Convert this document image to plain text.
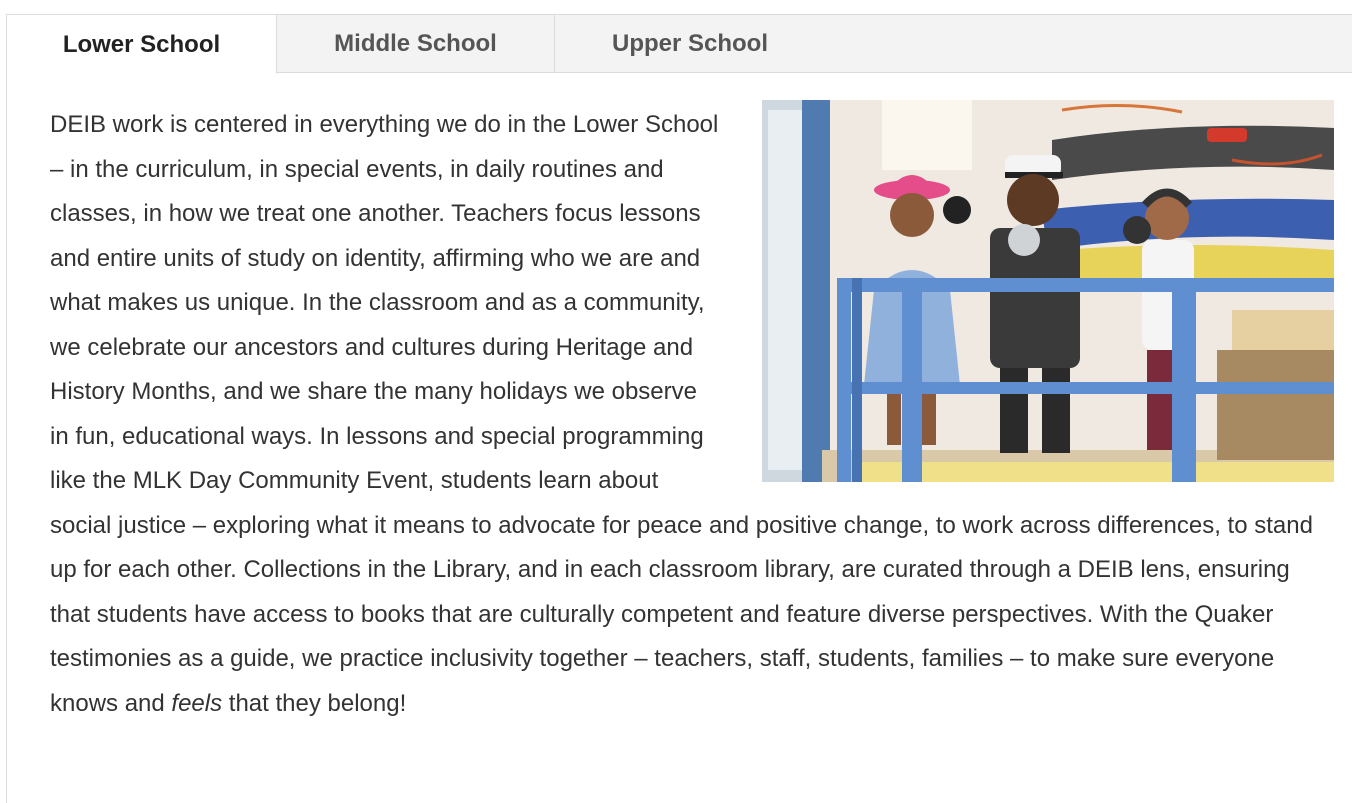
Lower School	Middle School	Upper School

DEIB work is centered in everything we do in the Lower School – in the curriculum, in special events, in daily routines and classes, in how we treat one another. Teachers focus lessons and entire units of study on identity, affirming who we are and what makes us unique. In the classroom and as a community, we celebrate our ancestors and cultures during Heritage and History Months, and we share the many holidays we observe in fun, educational ways. In lessons and special programming like the MLK Day Community Event, students learn about social justice – exploring what it means to advocate for peace and positive change, to work across differences, to stand up for each other. Collections in the Library, and in each classroom library, are curated through a DEIB lens, ensuring that students have access to books that are culturally competent and feature diverse perspectives. With the Quaker testimonies as a guide, we practice inclusivity together – teachers, staff, students, families – to make sure everyone knows and feels that they belong!
